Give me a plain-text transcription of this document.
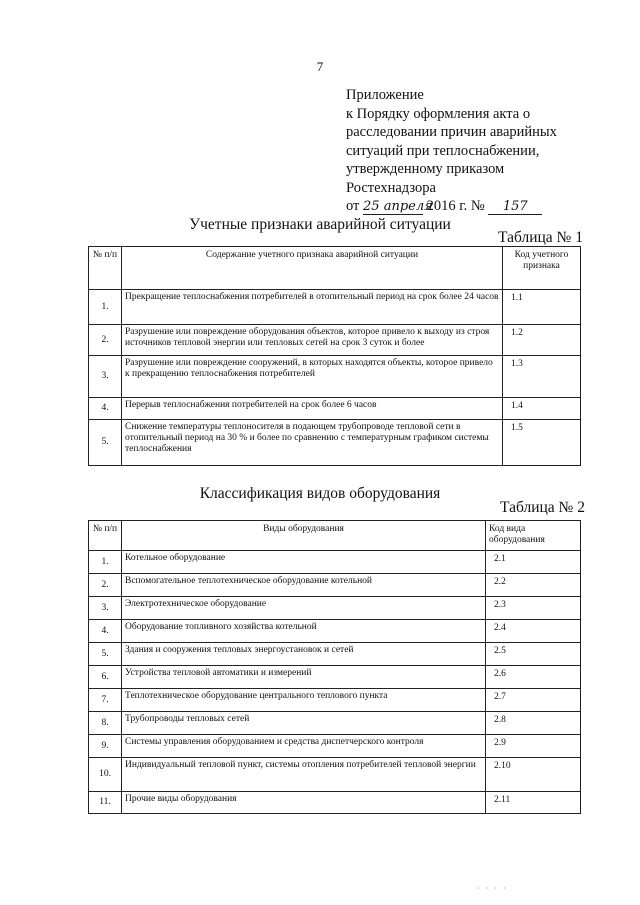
7
Приложение
к Порядку оформления акта о
расследовании причин аварийных
ситуаций при теплоснабжении,
утвержденному приказом
Ростехнадзора
от 25 апреля 2016 г. № 157
Учетные признаки аварийной ситуации
Таблица № 1
№ п/п	Содержание учетного признака аварийной ситуации	Код учетного признака
1.	Прекращение теплоснабжения потребителей в отопительный период на срок более 24 часов	1.1
2.	Разрушение или повреждение оборудования объектов, которое привело к выходу из строя источников тепловой энергии или тепловых сетей на срок 3 суток и более	1.2
3.	Разрушение или повреждение сооружений, в которых находятся объекты, которое привело к прекращению теплоснабжения потребителей	1.3
4.	Перерыв теплоснабжения потребителей на срок более 6 часов	1.4
5.	Снижение температуры теплоносителя в подающем трубопроводе тепловой сети в отопительный период на 30 % и более по сравнению с температурным графиком системы теплоснабжения	1.5
Классификация видов оборудования
Таблица № 2
№ п/п	Виды оборудования	Код вида оборудования
1.	Котельное оборудование	2.1
2.	Вспомогательное теплотехническое оборудование котельной	2.2
3.	Электротехническое оборудование	2.3
4.	Оборудование топливного хозяйства котельной	2.4
5.	Здания и сооружения тепловых энергоустановок и сетей	2.5
6.	Устройства тепловой автоматики и измерений	2.6
7.	Теплотехническое оборудование центрального теплового пункта	2.7
8.	Трубопроводы тепловых сетей	2.8
9.	Системы управления оборудованием и средства диспетчерского контроля	2.9
10.	Индивидуальный тепловой пункт, системы отопления потребителей тепловой энергии	2.10
11.	Прочие виды оборудования	2.11
· · · ·
